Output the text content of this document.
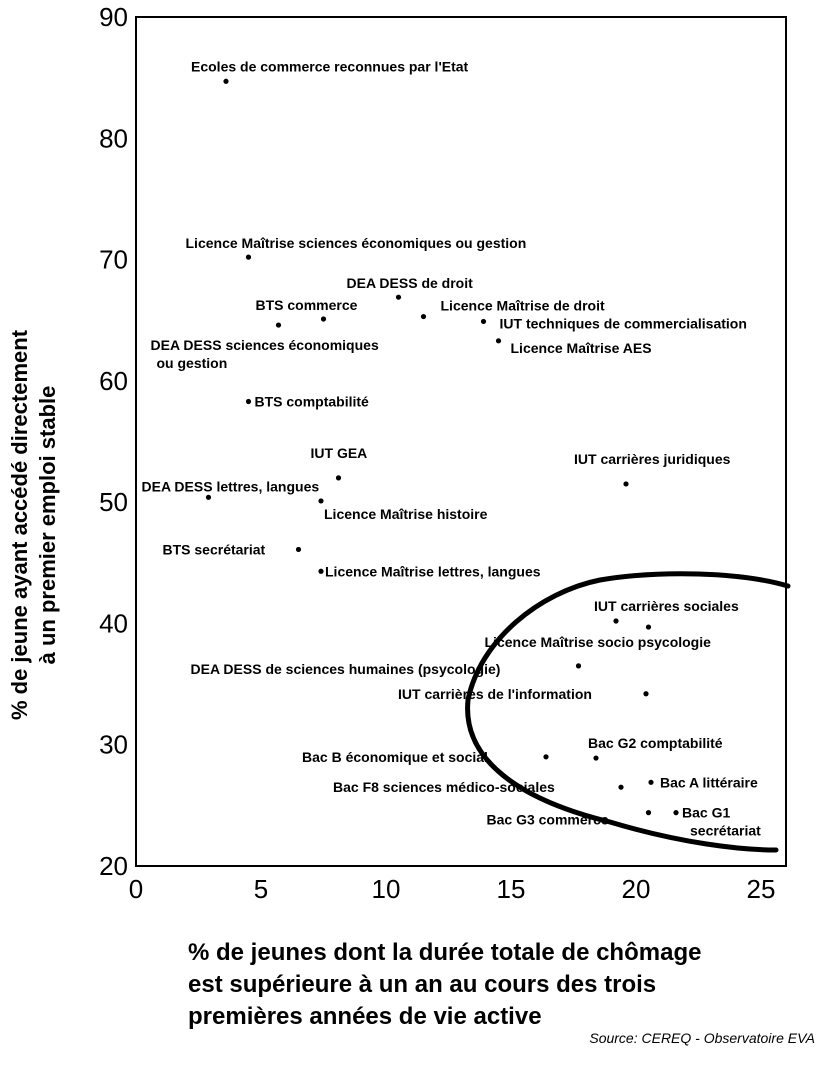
20
30
40
50
60
70
80
90
0	5	10	15	20	25
Ecoles de commerce reconnues par l'Etat
Licence Maîtrise sciences économiques ou gestion
DEA DESS de droit
BTS commerce	Licence Maîtrise de droit
IUT techniques de commercialisation
DEA DESS sciences économiques ou gestion
Licence Maîtrise AES
BTS comptabilité
IUT GEA	IUT carrières juridiques
DEA DESS lettres, langues
Licence Maîtrise histoire
BTS secrétariat
Licence Maîtrise lettres, langues
IUT carrières sociales
Licence Maîtrise socio psycologie
DEA DESS de sciences humaines (psycologie)
IUT carrières de l'information
Bac B économique et social
Bac G2 comptabilité
Bac A littéraire
Bac F8 sciences médico-sociales
Bac G3 commerce	Bac G1 secrétariat
% de jeunes dont la durée totale de chômage
est supérieure à un an au cours des trois
premières années de vie active
% de jeune ayant accédé directement à un premier emploi stable
Source: CEREQ - Observatoire EVA
